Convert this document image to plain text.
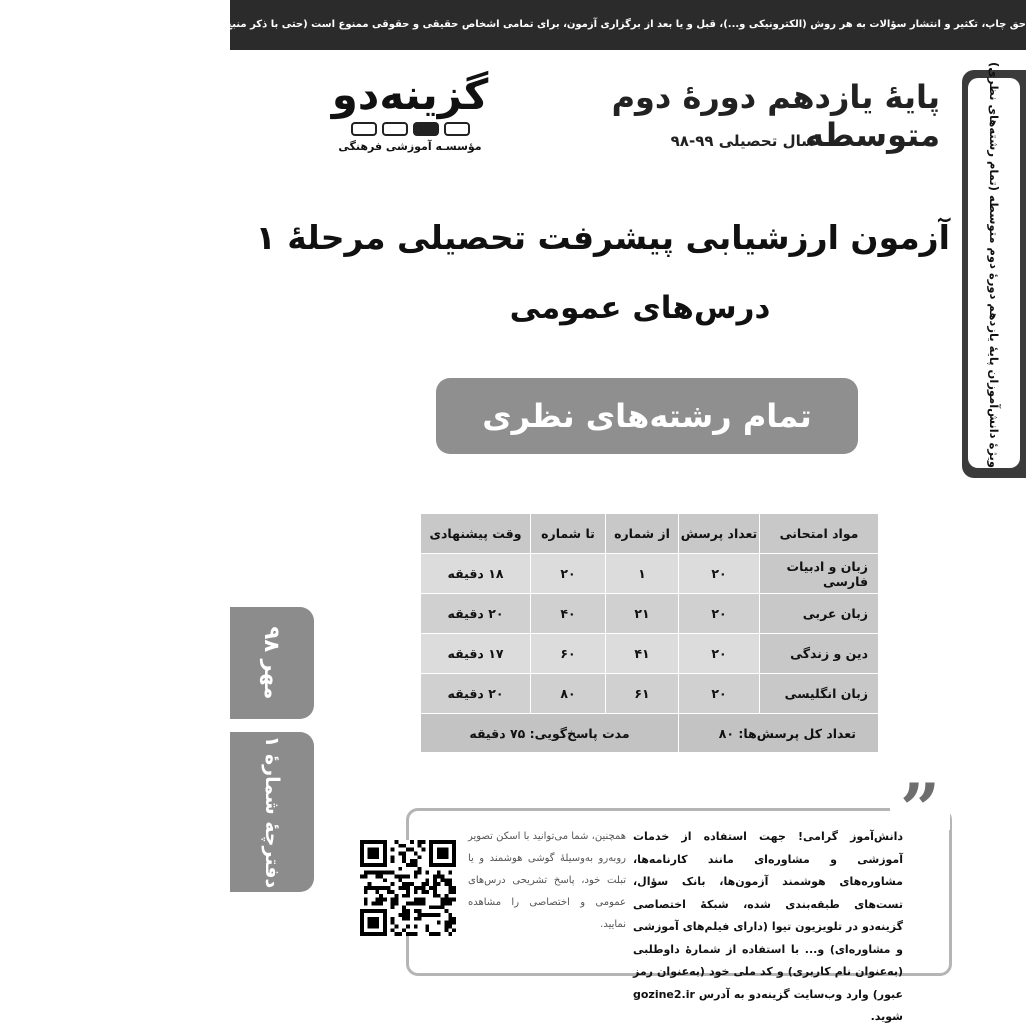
حق چاپ، تکثیر و انتشار سؤالات به هر روش (الکترونیکی و...)، قبل و یا بعد از برگزاری آزمون، برای تمامی اشخاص حقیقی و حقوقی ممنوع است (حتی با ذکر منبع) و متخلفین تحت پیگرد قانونی قرار می‌گیرند.
ویژهٔ دانش‌آموزان پایهٔ یازدهم دورهٔ دوم متوسطه (تمام رشته‌های نظری)
پایهٔ یازدهم دورهٔ دوم متوسطه
سال تحصیلی ۹۹-۹۸
گزینه‌دو
مؤسسـه آموزشی فرهنگی
آزمون ارزشیابی پیشرفت تحصیلی مرحلهٔ ۱
درس‌های عمومی
تمام رشته‌های نظری
مهر ۹۸
دفترچهٔ شمارهٔ ۱
مواد امتحانی	تعداد پرسش	از شماره	تا شماره	وقت پیشنهادی
زبان و ادبیات فارسی	۲۰	۱	۲۰	۱۸ دقیقه
زبان عربی	۲۰	۲۱	۴۰	۲۰ دقیقه
دین و زندگی	۲۰	۴۱	۶۰	۱۷ دقیقه
زبان انگلیسی	۲۰	۶۱	۸۰	۲۰ دقیقه
تعداد کل پرسش‌ها: ۸۰		مدت پاسخ‌گویی: ۷۵ دقیقه		
”
دانش‌آموز گرامی! جهت استفاده از خدمات آموزشی و مشاوره‌ای مانند کارنامه‌ها، مشاوره‌های هوشمند آزمون‌ها، بانک سؤال، تست‌های طبقه‌بندی شده، شبکهٔ اختصاصی گزینه‌دو در تلویزیون تیوا (دارای فیلم‌های آموزشی و مشاوره‌ای) و... با استفاده از شمارهٔ داوطلبی (به‌عنوان نام کاربری) و کد ملی خود (به‌عنوان رمز عبور) وارد وب‌سایت گزینه‌دو به آدرس gozine2.ir شوید.
همچنین، شما می‌توانید با اسکن تصویر روبه‌رو به‌وسیلهٔ گوشی هوشمند و یا تبلت خود، پاسخ تشریحی درس‌های عمومی و اختصاصی را مشاهده نمایید.
